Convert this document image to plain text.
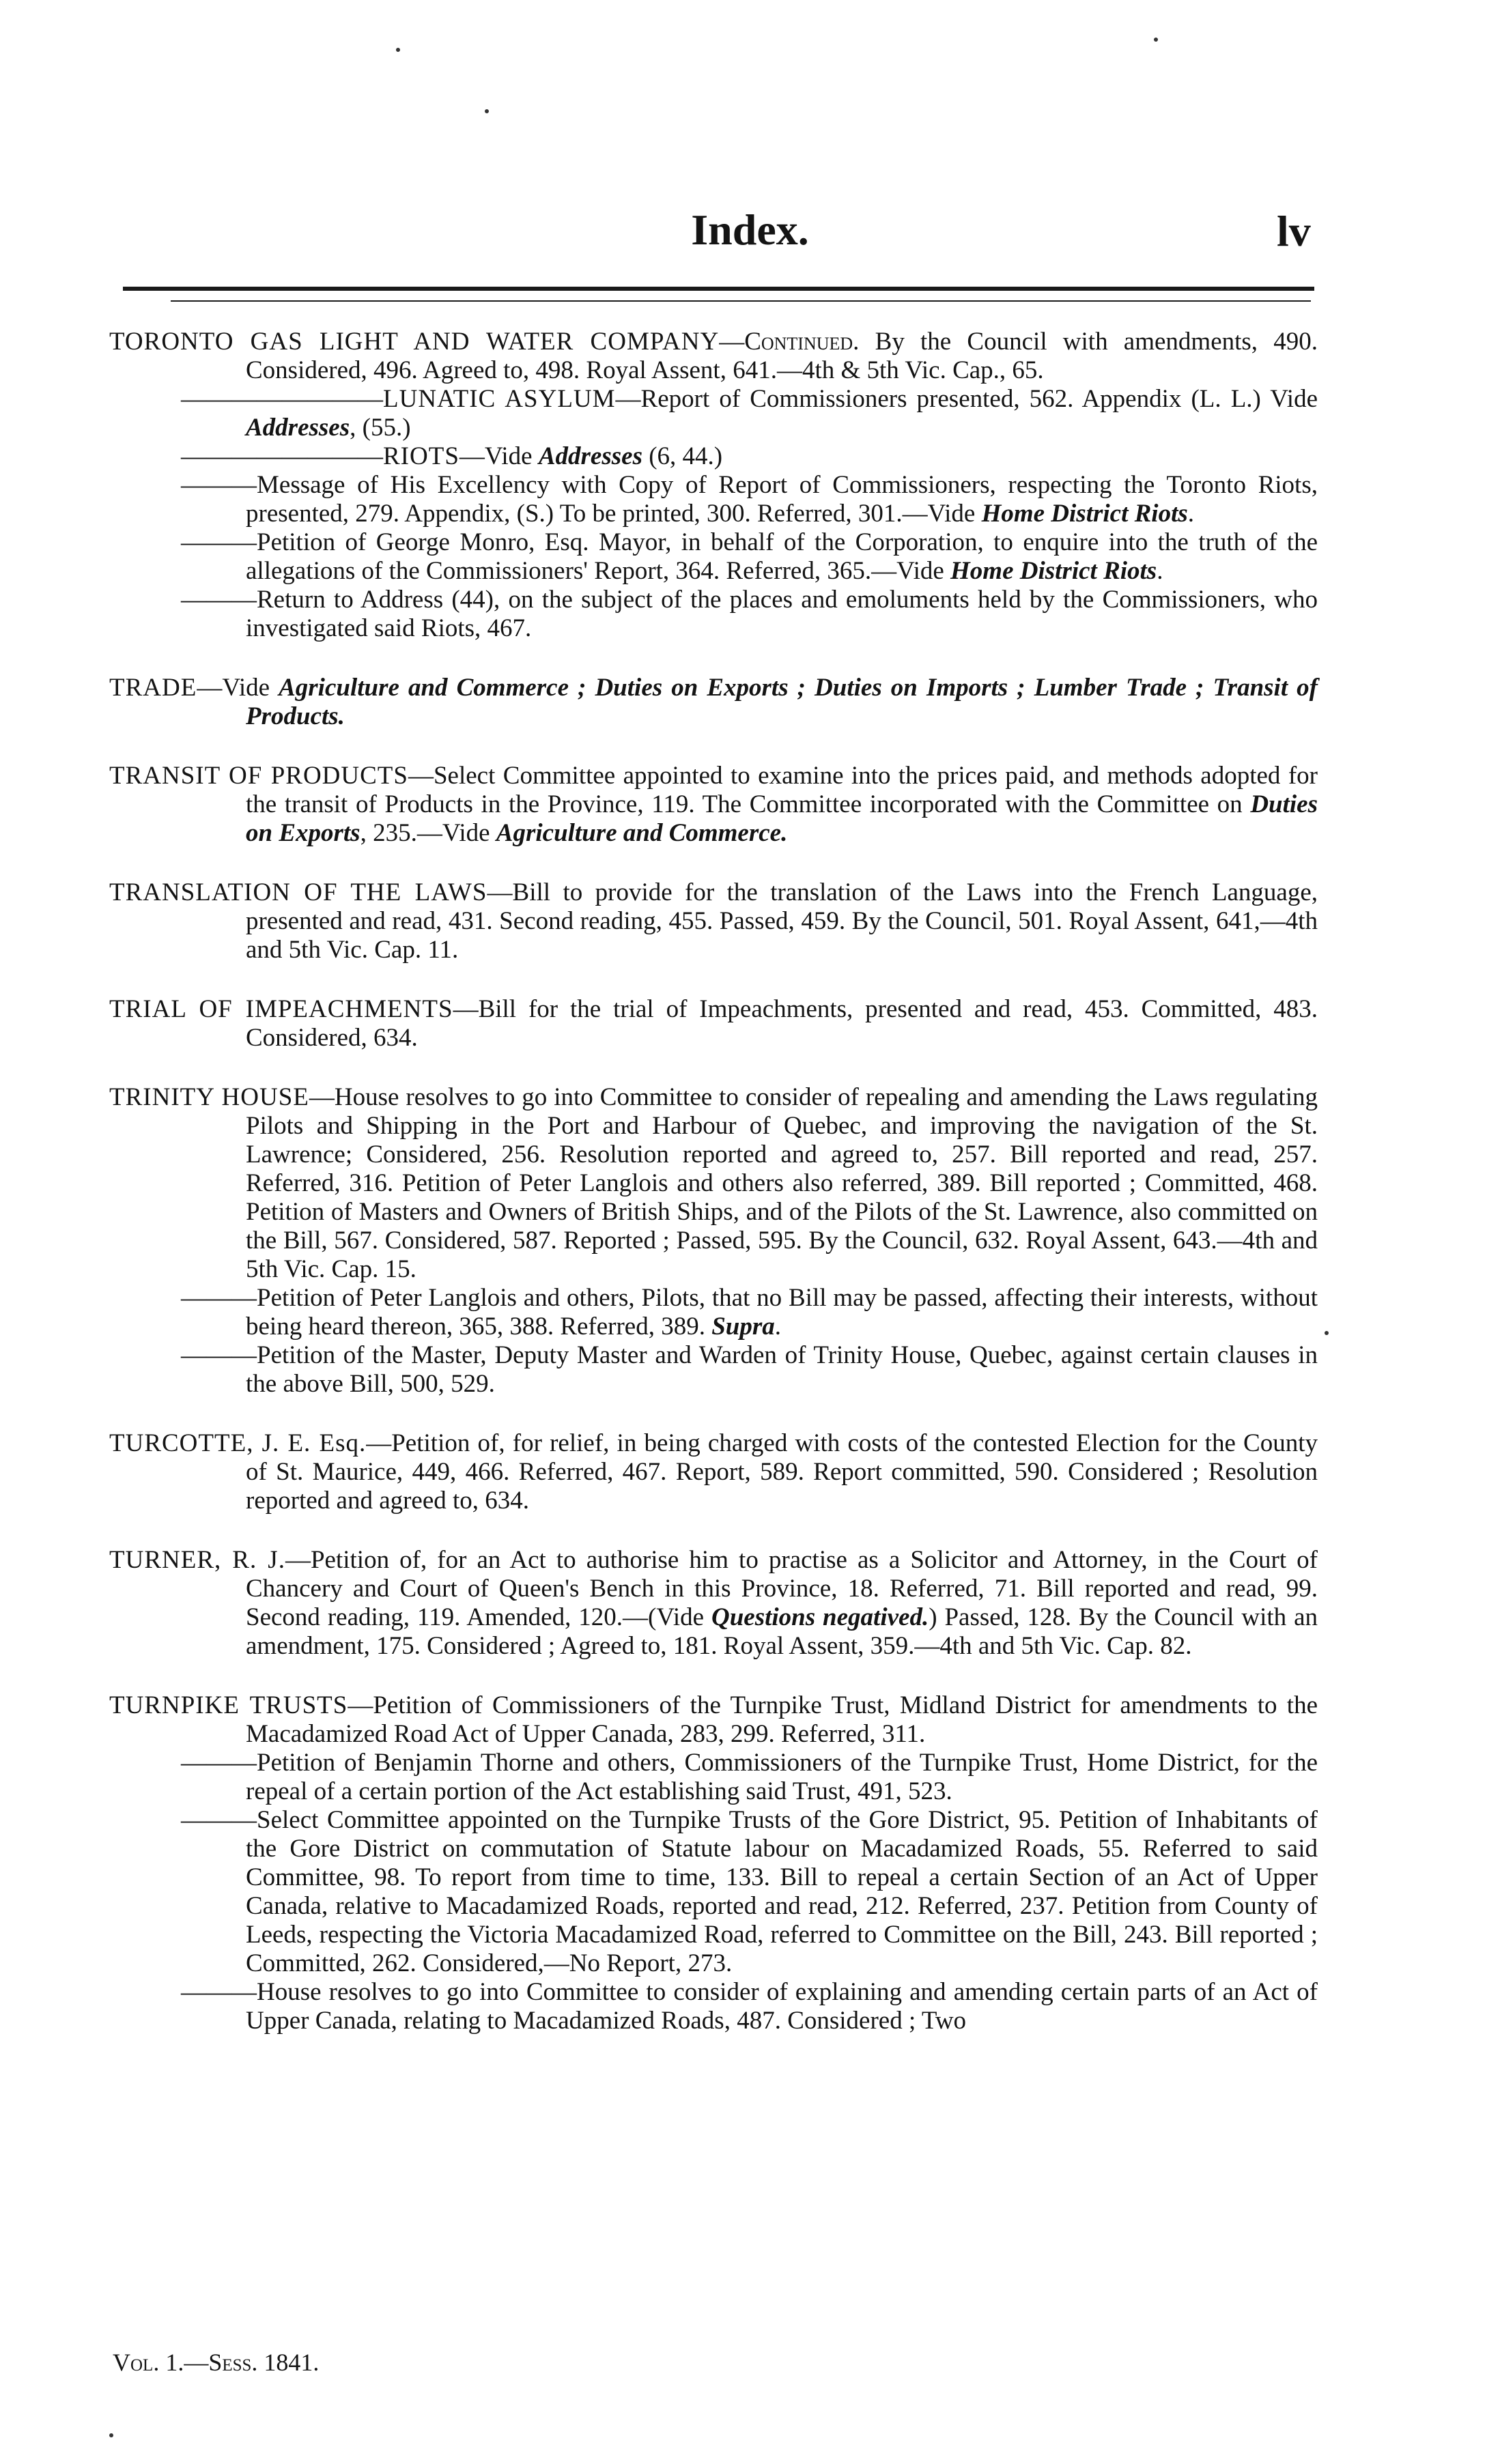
Index.	lv

TORONTO GAS LIGHT AND WATER COMPANY—Continued. By the Council with amendments, 490. Considered, 496. Agreed to, 498. Royal Assent, 641.—4th & 5th Vic. Cap., 65.

————————LUNATIC ASYLUM—Report of Commissioners presented, 562. Appendix (L. L.) Vide Addresses, (55.)

————————RIOTS—Vide Addresses (6, 44.)

———Message of His Excellency with Copy of Report of Commissioners, respecting the Toronto Riots, presented, 279. Appendix, (S.) To be printed, 300. Referred, 301.—Vide Home District Riots.

———Petition of George Monro, Esq. Mayor, in behalf of the Corporation, to enquire into the truth of the allegations of the Commissioners' Report, 364. Referred, 365.—Vide Home District Riots.

———Return to Address (44), on the subject of the places and emoluments held by the Commissioners, who investigated said Riots, 467.

TRADE—Vide Agriculture and Commerce ; Duties on Exports ; Duties on Imports ; Lumber Trade ; Transit of Products.

TRANSIT OF PRODUCTS—Select Committee appointed to examine into the prices paid, and methods adopted for the transit of Products in the Province, 119. The Committee incorporated with the Committee on Duties on Exports, 235.—Vide Agriculture and Commerce.

TRANSLATION OF THE LAWS—Bill to provide for the translation of the Laws into the French Language, presented and read, 431. Second reading, 455. Passed, 459. By the Council, 501. Royal Assent, 641,—4th and 5th Vic. Cap. 11.

TRIAL OF IMPEACHMENTS—Bill for the trial of Impeachments, presented and read, 453. Committed, 483. Considered, 634.

TRINITY HOUSE—House resolves to go into Committee to consider of repealing and amending the Laws regulating Pilots and Shipping in the Port and Harbour of Quebec, and improving the navigation of the St. Lawrence; Considered, 256. Resolution reported and agreed to, 257. Bill reported and read, 257. Referred, 316. Petition of Peter Langlois and others also referred, 389. Bill reported ; Committed, 468. Petition of Masters and Owners of British Ships, and of the Pilots of the St. Lawrence, also committed on the Bill, 567. Considered, 587. Reported ; Passed, 595. By the Council, 632. Royal Assent, 643.—4th and 5th Vic. Cap. 15.

———Petition of Peter Langlois and others, Pilots, that no Bill may be passed, affecting their interests, without being heard thereon, 365, 388. Referred, 389. Supra.

———Petition of the Master, Deputy Master and Warden of Trinity House, Quebec, against certain clauses in the above Bill, 500, 529.

TURCOTTE, J. E. Esq.—Petition of, for relief, in being charged with costs of the contested Election for the County of St. Maurice, 449, 466. Referred, 467. Report, 589. Report committed, 590. Considered ; Resolution reported and agreed to, 634.

TURNER, R. J.—Petition of, for an Act to authorise him to practise as a Solicitor and Attorney, in the Court of Chancery and Court of Queen's Bench in this Province, 18. Referred, 71. Bill reported and read, 99. Second reading, 119. Amended, 120.—(Vide Questions negatived.) Passed, 128. By the Council with an amendment, 175. Considered ; Agreed to, 181. Royal Assent, 359.—4th and 5th Vic. Cap. 82.

TURNPIKE TRUSTS—Petition of Commissioners of the Turnpike Trust, Midland District for amendments to the Macadamized Road Act of Upper Canada, 283, 299. Referred, 311.

———Petition of Benjamin Thorne and others, Commissioners of the Turnpike Trust, Home District, for the repeal of a certain portion of the Act establishing said Trust, 491, 523.

———Select Committee appointed on the Turnpike Trusts of the Gore District, 95. Petition of Inhabitants of the Gore District on commutation of Statute labour on Macadamized Roads, 55. Referred to said Committee, 98. To report from time to time, 133. Bill to repeal a certain Section of an Act of Upper Canada, relative to Macadamized Roads, reported and read, 212. Referred, 237. Petition from County of Leeds, respecting the Victoria Macadamized Road, referred to Committee on the Bill, 243. Bill reported ; Committed, 262. Considered,—No Report, 273.

———House resolves to go into Committee to consider of explaining and amending certain parts of an Act of Upper Canada, relating to Macadamized Roads, 487. Considered ; Two

Vol. 1.—Sess. 1841.
